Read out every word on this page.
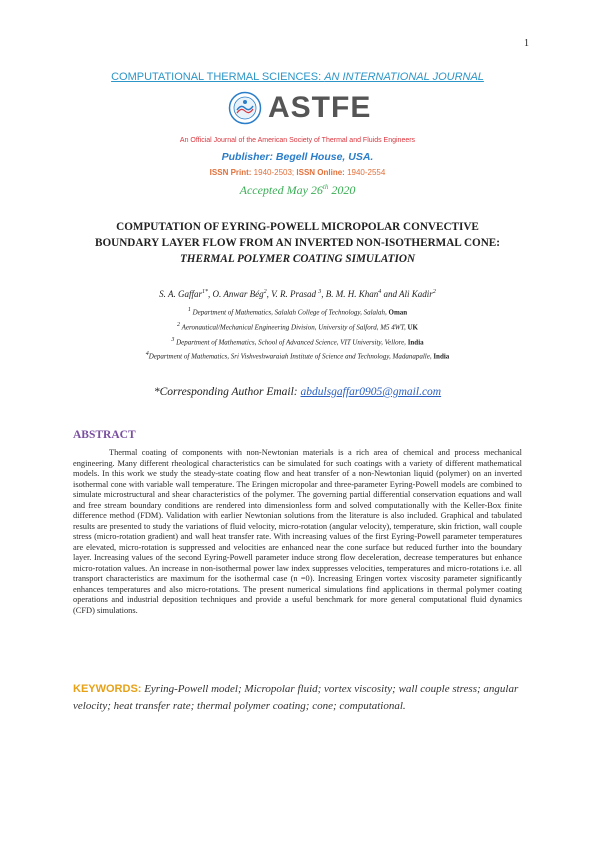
1
COMPUTATIONAL THERMAL SCIENCES: AN INTERNATIONAL JOURNAL
ASTFE
An Official Journal of the American Society of Thermal and Fluids Engineers
Publisher: Begell House, USA.
ISSN Print: 1940-2503; ISSN Online: 1940-2554
Accepted May 26th 2020
COMPUTATION OF EYRING-POWELL MICROPOLAR CONVECTIVE
BOUNDARY LAYER FLOW FROM AN INVERTED NON-ISOTHERMAL CONE:
THERMAL POLYMER COATING SIMULATION
S. A. Gaffar$^{1*}$, O. Anwar Bég$^2$, V. R. Prasad $^3$, B. M. H. Khan$^4$ and Ali Kadir$^2$
$^1$ Department of Mathematics, Salalah College of Technology, Salalah, Oman
$^2$ Aeronautical/Mechanical Engineering Division, University of Salford, M5 4WT, UK
$^3$ Department of Mathematics, School of Advanced Science, VIT University, Vellore, India
$^4$Department of Mathematics, Sri Vishveshwaraiah Institute of Science and Technology, Madanapalle, India
*Corresponding Author Email: abdulsgaffar0905@gmail.com
ABSTRACT
Thermal coating of components with non-Newtonian materials is a rich area of chemical and process mechanical engineering. Many different rheological characteristics can be simulated for such coatings with a variety of different mathematical models. In this work we study the steady-state coating flow and heat transfer of a non-Newtonian liquid (polymer) on an inverted isothermal cone with variable wall temperature. The Eringen micropolar and three-parameter Eyring-Powell models are combined to simulate microstructural and shear characteristics of the polymer. The governing partial differential conservation equations and wall and free stream boundary conditions are rendered into dimensionless form and solved computationally with the Keller-Box finite difference method (FDM). Validation with earlier Newtonian solutions from the literature is also included. Graphical and tabulated results are presented to study the variations of fluid velocity, micro-rotation (angular velocity), temperature, skin friction, wall couple stress (micro-rotation gradient) and wall heat transfer rate. With increasing values of the first Eyring-Powell parameter temperatures are elevated, micro-rotation is suppressed and velocities are enhanced near the cone surface but reduced further into the boundary layer. Increasing values of the second Eyring-Powell parameter induce strong flow deceleration, decrease temperatures but enhance micro-rotation values. An increase in non-isothermal power law index suppresses velocities, temperatures and micro-rotations i.e. all transport characteristics are maximum for the isothermal case (n =0). Increasing Eringen vortex viscosity parameter significantly enhances temperatures and also micro-rotations. The present numerical simulations find applications in thermal polymer coating operations and industrial deposition techniques and provide a useful benchmark for more general computational fluid dynamics (CFD) simulations.
KEYWORDS: Eyring-Powell model; Micropolar fluid; vortex viscosity; wall couple stress; angular velocity; heat transfer rate; thermal polymer coating; cone; computational.
